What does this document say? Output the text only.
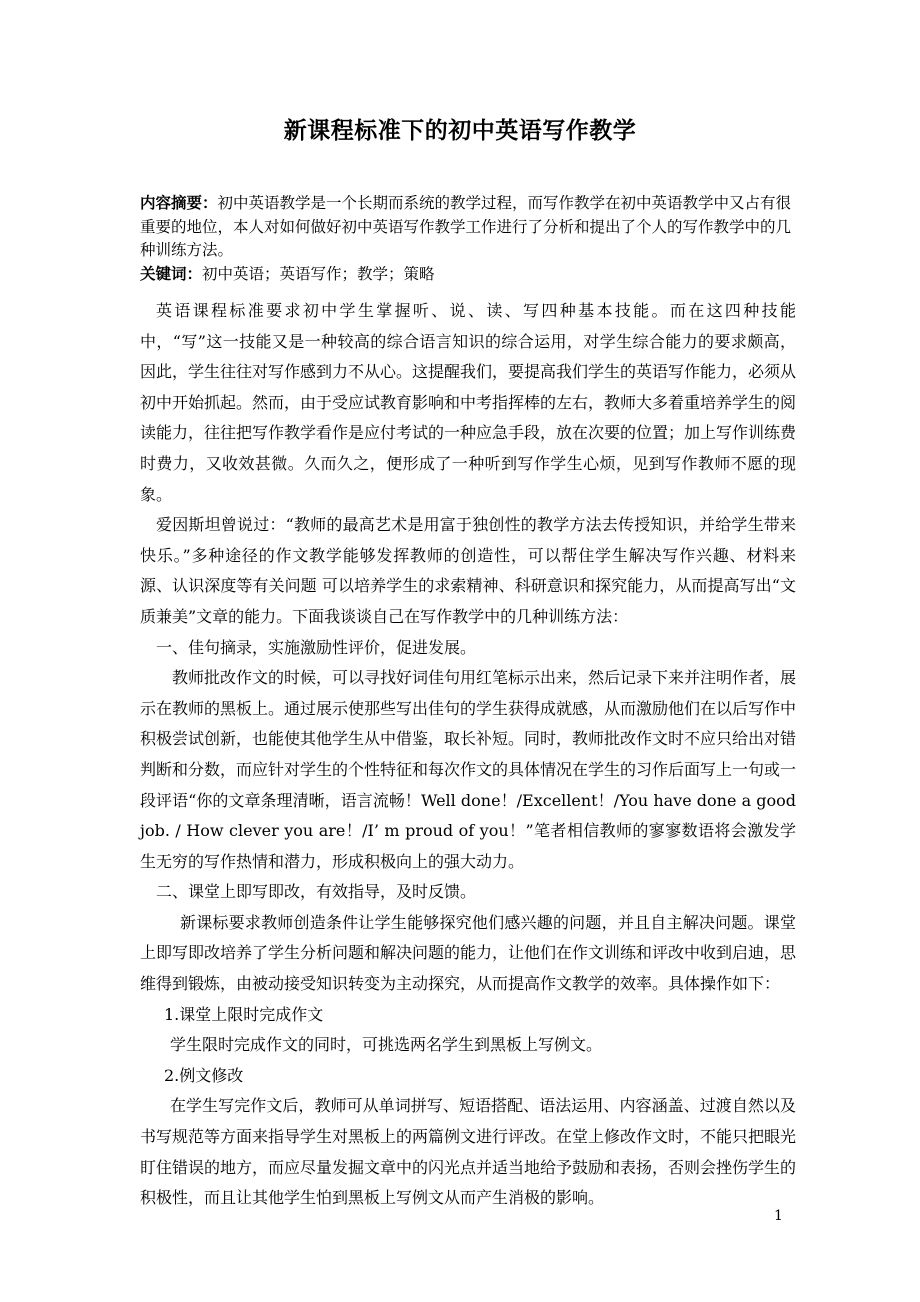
新课程标准下的初中英语写作教学
内容摘要：初中英语教学是一个长期而系统的教学过程，而写作教学在初中英语教学中又占有很重要的地位，本人对如何做好初中英语写作教学工作进行了分析和提出了个人的写作教学中的几种训练方法。
关键词：初中英语；英语写作；教学；策略

英语课程标准要求初中学生掌握听、说、读、写四种基本技能。而在这四种技能中，“写”这一技能又是一种较高的综合语言知识的综合运用，对学生综合能力的要求颇高，因此，学生往往对写作感到力不从心。这提醒我们，要提高我们学生的英语写作能力，必须从初中开始抓起。然而，由于受应试教育影响和中考指挥棒的左右，教师大多着重培养学生的阅读能力，往往把写作教学看作是应付考试的一种应急手段，放在次要的位置；加上写作训练费时费力，又收效甚微。久而久之，便形成了一种听到写作学生心烦，见到写作教师不愿的现象。

爱因斯坦曾说过：“教师的最高艺术是用富于独创性的教学方法去传授知识，并给学生带来快乐。”多种途径的作文教学能够发挥教师的创造性，可以帮住学生解决写作兴趣、材料来源、认识深度等有关问题 可以培养学生的求索精神、科研意识和探究能力，从而提高写出“文质兼美”文章的能力。下面我谈谈自己在写作教学中的几种训练方法：

一、佳句摘录，实施激励性评价，促进发展。

教师批改作文的时候，可以寻找好词佳句用红笔标示出来，然后记录下来并注明作者，展示在教师的黑板上。通过展示使那些写出佳句的学生获得成就感，从而激励他们在以后写作中积极尝试创新，也能使其他学生从中借鉴，取长补短。同时，教师批改作文时不应只给出对错判断和分数，而应针对学生的个性特征和每次作文的具体情况在学生的习作后面写上一句或一段评语“你的文章条理清晰，语言流畅！Well done！/Excellent！/You have done a good job. / How clever you are！/I’ m proud of you！”笔者相信教师的寥寥数语将会激发学生无穷的写作热情和潜力，形成积极向上的强大动力。

二、课堂上即写即改，有效指导，及时反馈。

新课标要求教师创造条件让学生能够探究他们感兴趣的问题，并且自主解决问题。课堂上即写即改培养了学生分析问题和解决问题的能力，让他们在作文训练和评改中收到启迪，思维得到锻炼，由被动接受知识转变为主动探究，从而提高作文教学的效率。具体操作如下：

1.课堂上限时完成作文

学生限时完成作文的同时，可挑选两名学生到黑板上写例文。

2.例文修改

在学生写完作文后，教师可从单词拼写、短语搭配、语法运用、内容涵盖、过渡自然以及书写规范等方面来指导学生对黑板上的两篇例文进行评改。在堂上修改作文时，不能只把眼光盯住错误的地方，而应尽量发掘文章中的闪光点并适当地给予鼓励和表扬，否则会挫伤学生的积极性，而且让其他学生怕到黑板上写例文从而产生消极的影响。

1
